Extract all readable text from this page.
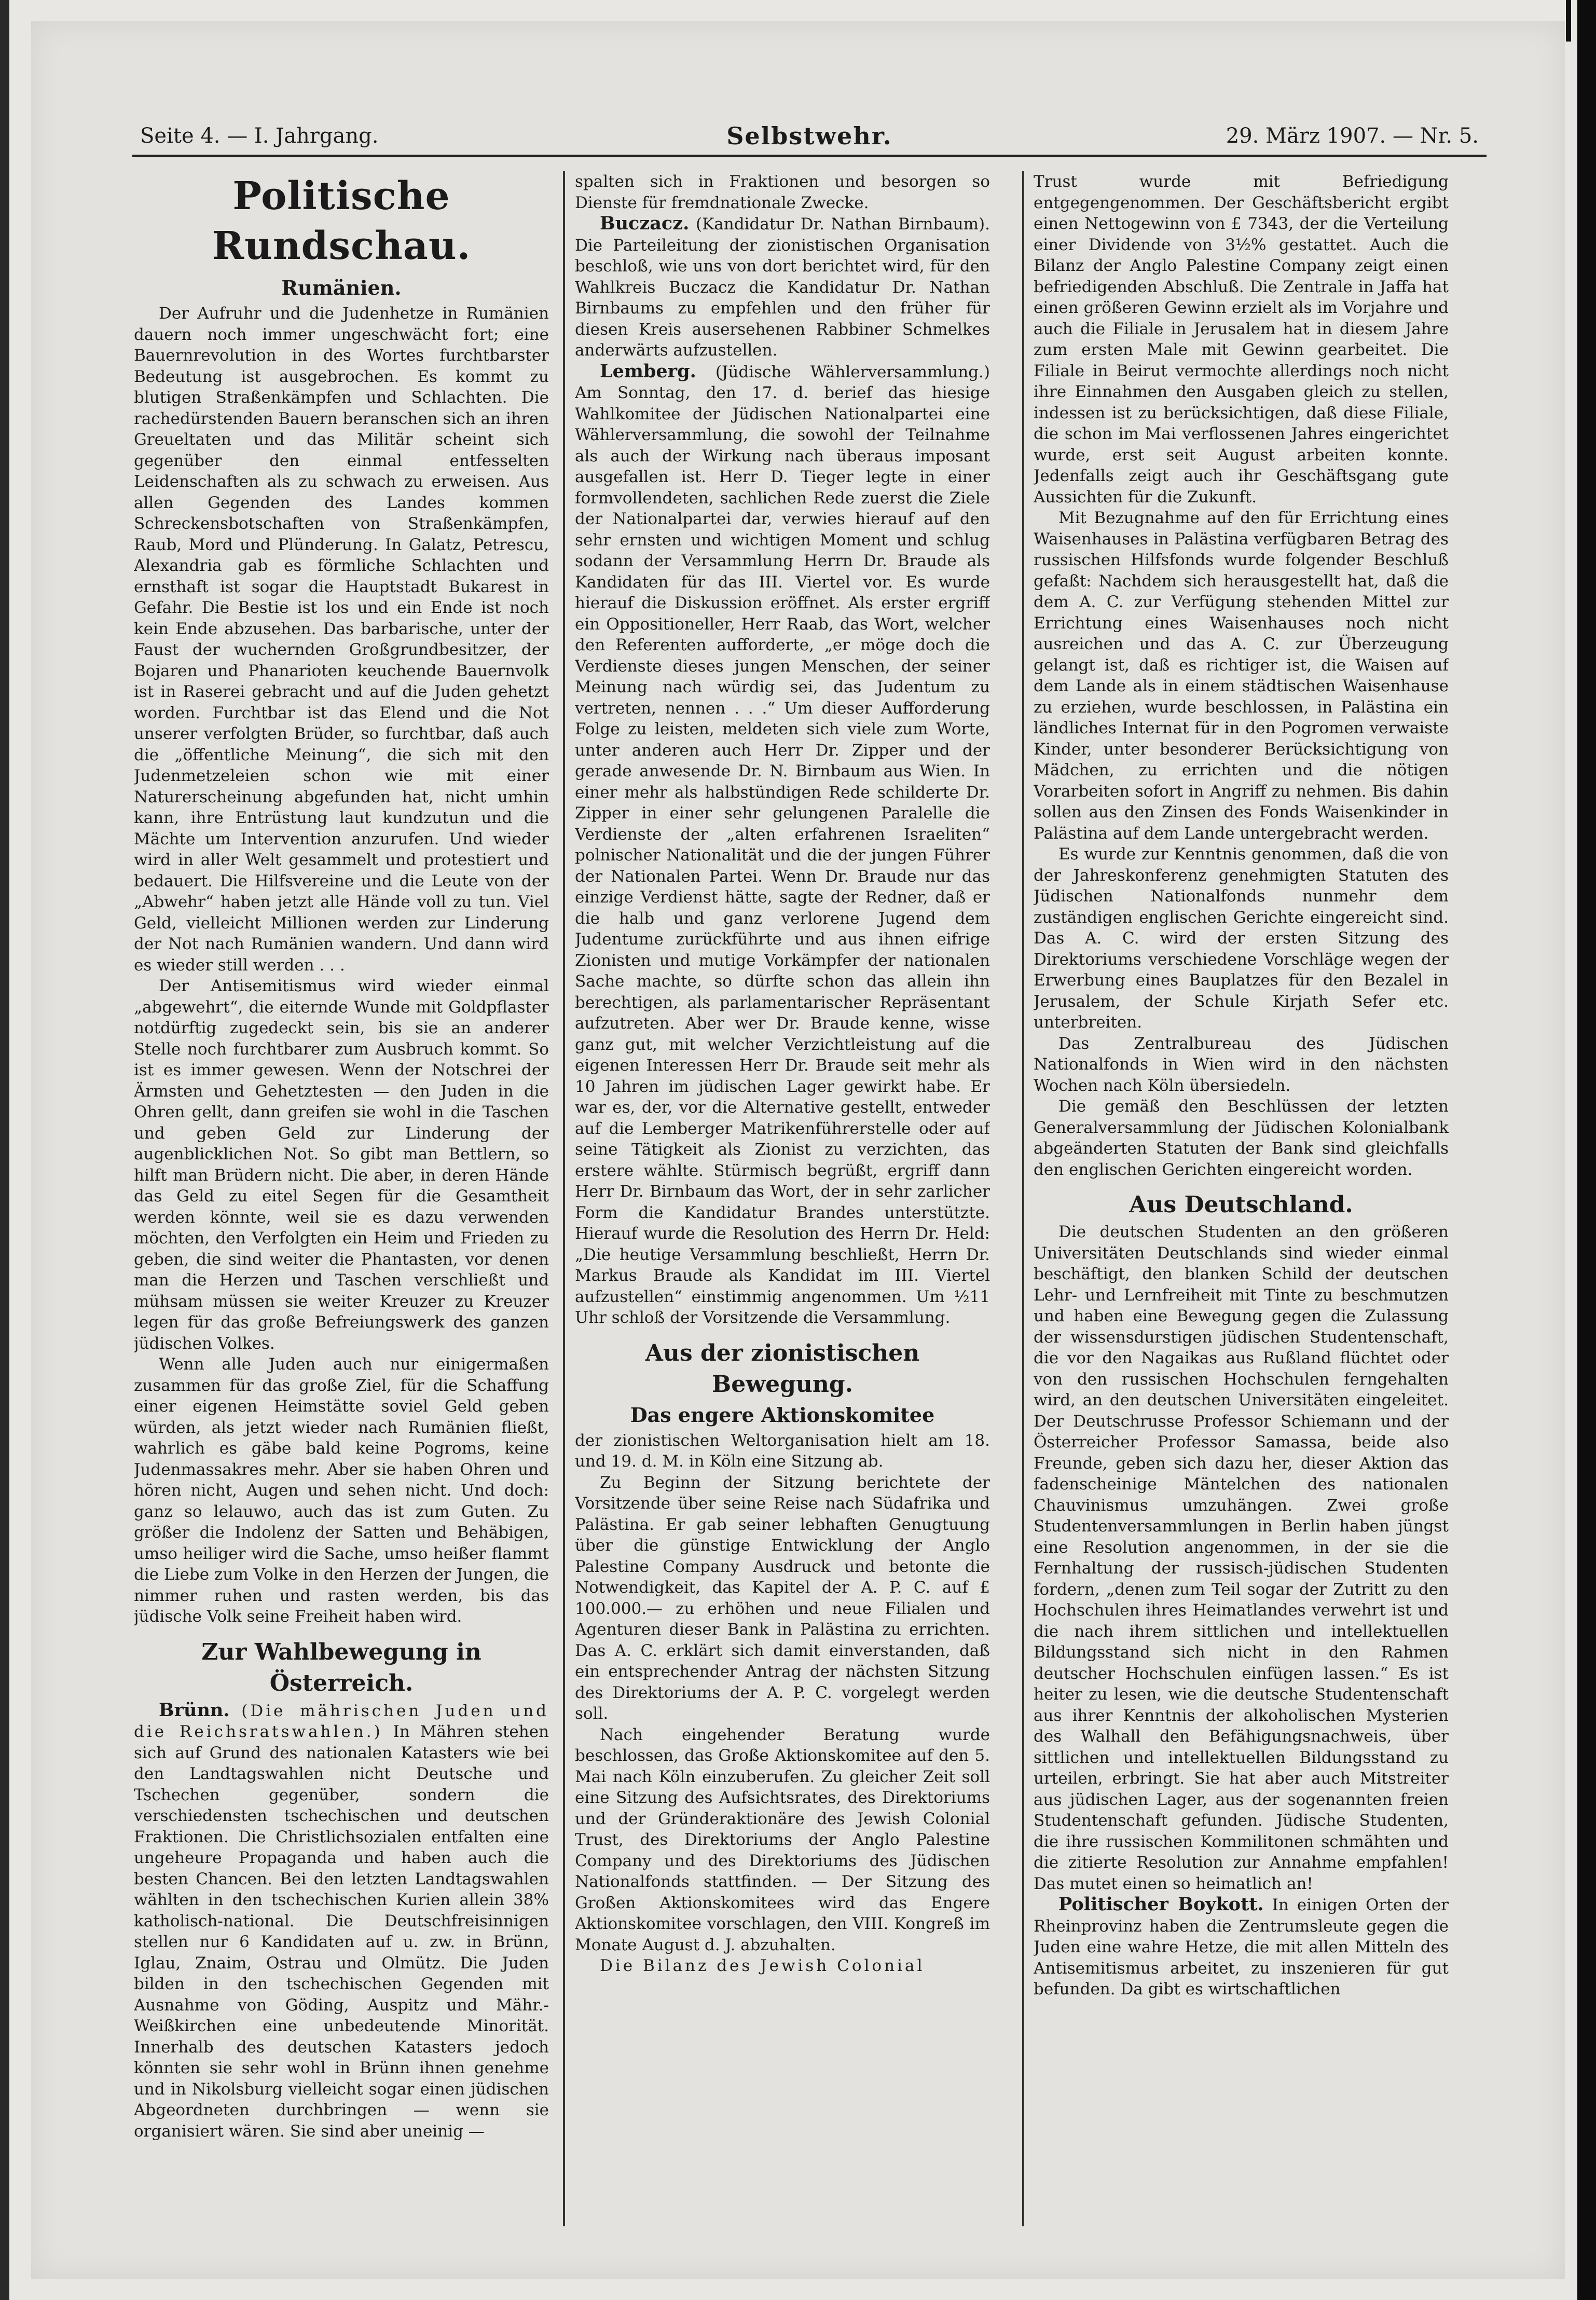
Seite 4. — I. Jahrgang.	Selbstwehr.	29. März 1907. — Nr. 5.
Politische Rundschau.
Rumänien.

Der Aufruhr und die Judenhetze in Rumänien dauern noch immer ungeschwächt fort; eine Bauernrevolution in des Wortes furchtbarster Bedeutung ist ausgebrochen. Es kommt zu blutigen Straßenkämpfen und Schlachten. Die rachedürstenden Bauern beranschen sich an ihren Greueltaten und das Militär scheint sich gegenüber den einmal entfesselten Leidenschaften als zu schwach zu erweisen. Aus allen Gegenden des Landes kommen Schreckensbotschaften von Straßenkämpfen, Raub, Mord und Plünderung. In Galatz, Petrescu, Alexandria gab es förmliche Schlachten und ernsthaft ist sogar die Hauptstadt Bukarest in Gefahr. Die Bestie ist los und ein Ende ist noch kein Ende abzusehen. Das barbarische, unter der Faust der wuchernden Großgrundbesitzer, der Bojaren und Phanarioten keuchende Bauernvolk ist in Raserei gebracht und auf die Juden gehetzt worden. Furchtbar ist das Elend und die Not unserer verfolgten Brüder, so furchtbar, daß auch die „öffentliche Meinung“, die sich mit den Judenmetzeleien schon wie mit einer Naturerscheinung abgefunden hat, nicht umhin kann, ihre Entrüstung laut kundzutun und die Mächte um Intervention anzurufen. Und wieder wird in aller Welt gesammelt und protestiert und bedauert. Die Hilfsvereine und die Leute von der „Abwehr“ haben jetzt alle Hände voll zu tun. Viel Geld, vielleicht Millionen werden zur Linderung der Not nach Rumänien wandern. Und dann wird es wieder still werden . . .

Der Antisemitismus wird wieder einmal „abgewehrt“, die eiternde Wunde mit Goldpflaster notdürftig zugedeckt sein, bis sie an anderer Stelle noch furchtbarer zum Ausbruch kommt. So ist es immer gewesen. Wenn der Notschrei der Ärmsten und Gehetztesten — den Juden in die Ohren gellt, dann greifen sie wohl in die Taschen und geben Geld zur Linderung der augenblicklichen Not. So gibt man Bettlern, so hilft man Brüdern nicht. Die aber, in deren Hände das Geld zu eitel Segen für die Gesamtheit werden könnte, weil sie es dazu verwenden möchten, den Verfolgten ein Heim und Frieden zu geben, die sind weiter die Phantasten, vor denen man die Herzen und Taschen verschließt und mühsam müssen sie weiter Kreuzer zu Kreuzer legen für das große Befreiungswerk des ganzen jüdischen Volkes.

Wenn alle Juden auch nur einigermaßen zusammen für das große Ziel, für die Schaffung einer eigenen Heimstätte soviel Geld geben würden, als jetzt wieder nach Rumänien fließt, wahrlich es gäbe bald keine Pogroms, keine Judenmassakres mehr. Aber sie haben Ohren und hören nicht, Augen und sehen nicht. Und doch: ganz so lelauwo, auch das ist zum Guten. Zu größer die Indolenz der Satten und Behäbigen, umso heiliger wird die Sache, umso heißer flammt die Liebe zum Volke in den Herzen der Jungen, die nimmer ruhen und rasten werden, bis das jüdische Volk seine Freiheit haben wird.

Zur Wahlbewegung in Österreich.

Brünn. (Die mährischen Juden und die Reichsratswahlen.) In Mähren stehen sich auf Grund des nationalen Katasters wie bei den Landtagswahlen nicht Deutsche und Tschechen gegenüber, sondern die verschiedensten tschechischen und deutschen Fraktionen. Die Christlichsozialen entfalten eine ungeheure Propaganda und haben auch die besten Chancen. Bei den letzten Landtagswahlen wählten in den tschechischen Kurien allein 38% katholisch-national. Die Deutschfreisinnigen stellen nur 6 Kandidaten auf u. zw. in Brünn, Iglau, Znaim, Ostrau und Olmütz. Die Juden bilden in den tschechischen Gegenden mit Ausnahme von Göding, Auspitz und Mähr.-Weißkirchen eine unbedeutende Minorität. Innerhalb des deutschen Katasters jedoch könnten sie sehr wohl in Brünn ihnen genehme und in Nikolsburg vielleicht sogar einen jüdischen Abgeordneten durchbringen — wenn sie organisiert wären. Sie sind aber uneinig —

spalten sich in Fraktionen und besorgen so Dienste für fremdnationale Zwecke.

Buczacz. (Kandidatur Dr. Nathan Birnbaum). Die Parteileitung der zionistischen Organisation beschloß, wie uns von dort berichtet wird, für den Wahlkreis Buczacz die Kandidatur Dr. Nathan Birnbaums zu empfehlen und den früher für diesen Kreis ausersehenen Rabbiner Schmelkes anderwärts aufzustellen.

Lemberg. (Jüdische Wählerversammlung.) Am Sonntag, den 17. d. berief das hiesige Wahlkomitee der Jüdischen Nationalpartei eine Wählerversammlung, die sowohl der Teilnahme als auch der Wirkung nach überaus imposant ausgefallen ist. Herr D. Tieger legte in einer formvollendeten, sachlichen Rede zuerst die Ziele der Nationalpartei dar, verwies hierauf auf den sehr ernsten und wichtigen Moment und schlug sodann der Versammlung Herrn Dr. Braude als Kandidaten für das III. Viertel vor. Es wurde hierauf die Diskussion eröffnet. Als erster ergriff ein Oppositioneller, Herr Raab, das Wort, welcher den Referenten aufforderte, „er möge doch die Verdienste dieses jungen Menschen, der seiner Meinung nach würdig sei, das Judentum zu vertreten, nennen . . .“ Um dieser Aufforderung Folge zu leisten, meldeten sich viele zum Worte, unter anderen auch Herr Dr. Zipper und der gerade anwesende Dr. N. Birnbaum aus Wien. In einer mehr als halbstündigen Rede schilderte Dr. Zipper in einer sehr gelungenen Paralelle die Verdienste der „alten erfahrenen Israeliten“ polnischer Nationalität und die der jungen Führer der Nationalen Partei. Wenn Dr. Braude nur das einzige Verdienst hätte, sagte der Redner, daß er die halb und ganz verlorene Jugend dem Judentume zurückführte und aus ihnen eifrige Zionisten und mutige Vorkämpfer der nationalen Sache machte, so dürfte schon das allein ihn berechtigen, als parlamentarischer Repräsentant aufzutreten. Aber wer Dr. Braude kenne, wisse ganz gut, mit welcher Verzichtleistung auf die eigenen Interessen Herr Dr. Braude seit mehr als 10 Jahren im jüdischen Lager gewirkt habe. Er war es, der, vor die Alternative gestellt, entweder auf die Lemberger Matrikenführerstelle oder auf seine Tätigkeit als Zionist zu verzichten, das erstere wählte. Stürmisch begrüßt, ergriff dann Herr Dr. Birnbaum das Wort, der in sehr zarlicher Form die Kandidatur Brandes unterstützte. Hierauf wurde die Resolution des Herrn Dr. Held: „Die heutige Versammlung beschließt, Herrn Dr. Markus Braude als Kandidat im III. Viertel aufzustellen“ einstimmig angenommen. Um ½11 Uhr schloß der Vorsitzende die Versammlung.

Aus der zionistischen Bewegung.
Das engere Aktionskomitee

der zionistischen Weltorganisation hielt am 18. und 19. d. M. in Köln eine Sitzung ab.

Zu Beginn der Sitzung berichtete der Vorsitzende über seine Reise nach Südafrika und Palästina. Er gab seiner lebhaften Genugtuung über die günstige Entwicklung der Anglo Palestine Company Ausdruck und betonte die Notwendigkeit, das Kapitel der A. P. C. auf £ 100.000.— zu erhöhen und neue Filialen und Agenturen dieser Bank in Palästina zu errichten. Das A. C. erklärt sich damit einverstanden, daß ein entsprechender Antrag der nächsten Sitzung des Direktoriums der A. P. C. vorgelegt werden soll.

Nach eingehender Beratung wurde beschlossen, das Große Aktionskomitee auf den 5. Mai nach Köln einzuberufen. Zu gleicher Zeit soll eine Sitzung des Aufsichtsrates, des Direktoriums und der Gründeraktionäre des Jewish Colonial Trust, des Direktoriums der Anglo Palestine Company und des Direktoriums des Jüdischen Nationalfonds stattfinden. — Der Sitzung des Großen Aktionskomitees wird das Engere Aktionskomitee vorschlagen, den VIII. Kongreß im Monate August d. J. abzuhalten.

Die Bilanz des Jewish Colonial

Trust wurde mit Befriedigung entgegengenommen. Der Geschäftsbericht ergibt einen Nettogewinn von £ 7343, der die Verteilung einer Dividende von 3½% gestattet. Auch die Bilanz der Anglo Palestine Company zeigt einen befriedigenden Abschluß. Die Zentrale in Jaffa hat einen größeren Gewinn erzielt als im Vorjahre und auch die Filiale in Jerusalem hat in diesem Jahre zum ersten Male mit Gewinn gearbeitet. Die Filiale in Beirut vermochte allerdings noch nicht ihre Einnahmen den Ausgaben gleich zu stellen, indessen ist zu berücksichtigen, daß diese Filiale, die schon im Mai verflossenen Jahres eingerichtet wurde, erst seit August arbeiten konnte. Jedenfalls zeigt auch ihr Geschäftsgang gute Aussichten für die Zukunft.

Mit Bezugnahme auf den für Errichtung eines Waisenhauses in Palästina verfügbaren Betrag des russischen Hilfsfonds wurde folgender Beschluß gefaßt: Nachdem sich herausgestellt hat, daß die dem A. C. zur Verfügung stehenden Mittel zur Errichtung eines Waisenhauses noch nicht ausreichen und das A. C. zur Überzeugung gelangt ist, daß es richtiger ist, die Waisen auf dem Lande als in einem städtischen Waisenhause zu erziehen, wurde beschlossen, in Palästina ein ländliches Internat für in den Pogromen verwaiste Kinder, unter besonderer Berücksichtigung von Mädchen, zu errichten und die nötigen Vorarbeiten sofort in Angriff zu nehmen. Bis dahin sollen aus den Zinsen des Fonds Waisenkinder in Palästina auf dem Lande untergebracht werden.

Es wurde zur Kenntnis genommen, daß die von der Jahreskonferenz genehmigten Statuten des Jüdischen Nationalfonds nunmehr dem zuständigen englischen Gerichte eingereicht sind. Das A. C. wird der ersten Sitzung des Direktoriums verschiedene Vorschläge wegen der Erwerbung eines Bauplatzes für den Bezalel in Jerusalem, der Schule Kirjath Sefer etc. unterbreiten.

Das Zentralbureau des Jüdischen Nationalfonds in Wien wird in den nächsten Wochen nach Köln übersiedeln.

Die gemäß den Beschlüssen der letzten Generalversammlung der Jüdischen Kolonialbank abgeänderten Statuten der Bank sind gleichfalls den englischen Gerichten eingereicht worden.

Aus Deutschland.

Die deutschen Studenten an den größeren Universitäten Deutschlands sind wieder einmal beschäftigt, den blanken Schild der deutschen Lehr- und Lernfreiheit mit Tinte zu beschmutzen und haben eine Bewegung gegen die Zulassung der wissensdurstigen jüdischen Studentenschaft, die vor den Nagaikas aus Rußland flüchtet oder von den russischen Hochschulen ferngehalten wird, an den deutschen Universitäten eingeleitet. Der Deutschrusse Professor Schiemann und der Österreicher Professor Samassa, beide also Freunde, geben sich dazu her, dieser Aktion das fadenscheinige Mäntelchen des nationalen Chauvinismus umzuhängen. Zwei große Studentenversammlungen in Berlin haben jüngst eine Resolution angenommen, in der sie die Fernhaltung der russisch-jüdischen Studenten fordern, „denen zum Teil sogar der Zutritt zu den Hochschulen ihres Heimatlandes verwehrt ist und die nach ihrem sittlichen und intellektuellen Bildungsstand sich nicht in den Rahmen deutscher Hochschulen einfügen lassen.“ Es ist heiter zu lesen, wie die deutsche Studentenschaft aus ihrer Kenntnis der alkoholischen Mysterien des Walhall den Befähigungsnachweis, über sittlichen und intellektuellen Bildungsstand zu urteilen, erbringt. Sie hat aber auch Mitstreiter aus jüdischen Lager, aus der sogenannten freien Studentenschaft gefunden. Jüdische Studenten, die ihre russischen Kommilitonen schmähten und die zitierte Resolution zur Annahme empfahlen! Das mutet einen so heimatlich an!

Politischer Boykott. In einigen Orten der Rheinprovinz haben die Zentrumsleute gegen die Juden eine wahre Hetze, die mit allen Mitteln des Antisemitismus arbeitet, zu inszenieren für gut befunden. Da gibt es wirtschaftlichen
